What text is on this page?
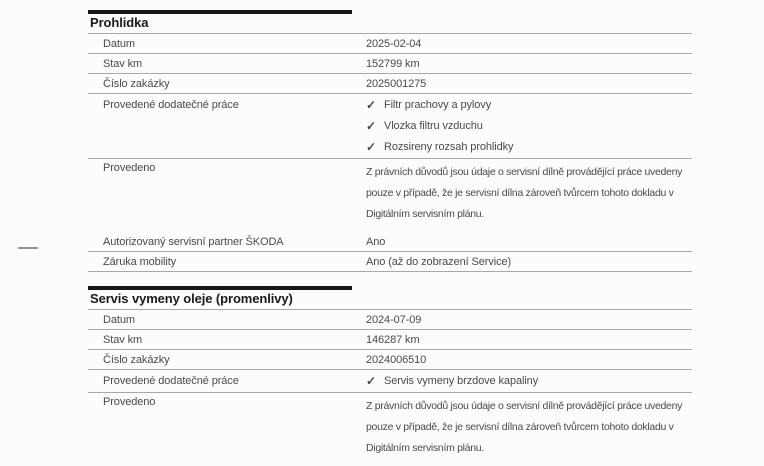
Prohlidka
Datum	2025-02-04
Stav km	152799 km
Číslo zakázky	2025001275
Provedené dodatečné práce	✓ Filtr prachovy a pylovy
✓ Vlozka filtru vzduchu
✓ Rozsireny rozsah prohlidky
Provedeno	Z právních důvodů jsou údaje o servisní dílně provádějící práce uvedeny
pouze v případě, že je servisní dílna zároveň tvůrcem tohoto dokladu v
Digitálním servisním plánu.
Autorizovaný servisní partner ŠKODA	Ano
Záruka mobility	Ano (až do zobrazení Service)
Servis vymeny oleje (promenlivy)
Datum	2024-07-09
Stav km	146287 km
Číslo zakázky	2024006510
Provedené dodatečné práce	✓ Servis vymeny brzdove kapaliny
Provedeno	Z právních důvodů jsou údaje o servisní dílně provádějící práce uvedeny
pouze v případě, že je servisní dílna zároveň tvůrcem tohoto dokladu v
Digitálním servisním plánu.
